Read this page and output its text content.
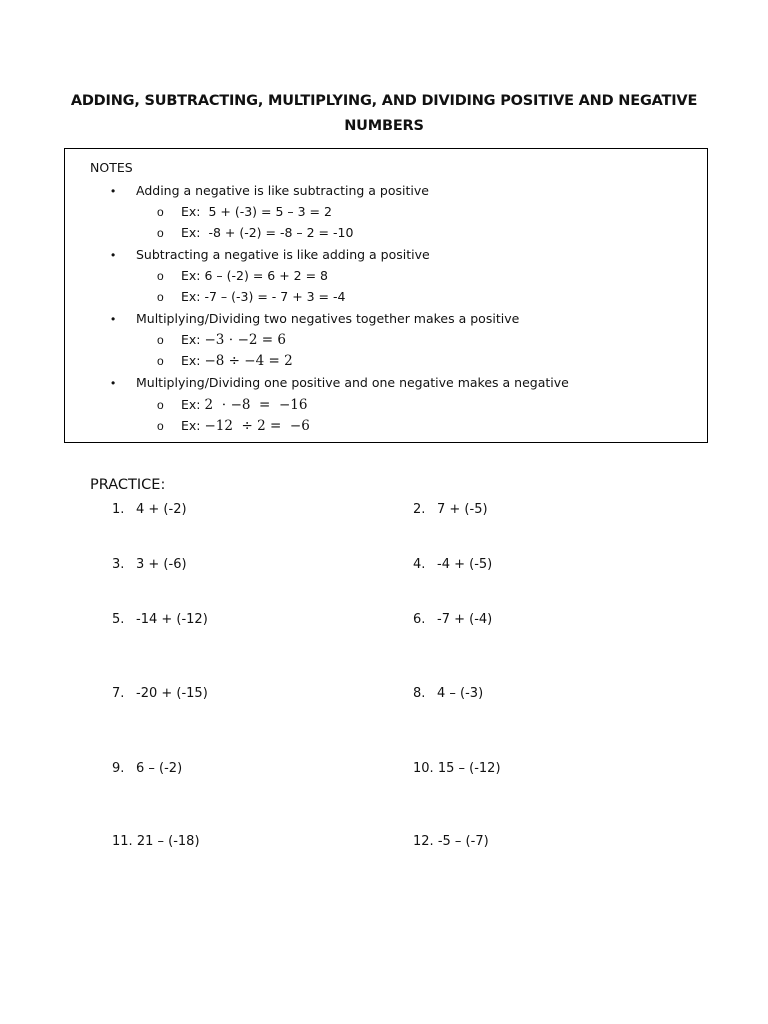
ADDING, SUBTRACTING, MULTIPLYING, AND DIVIDING POSITIVE AND NEGATIVE
NUMBERS
NOTES
• Adding a negative is like subtracting a positive
o Ex:  5 + (-3) = 5 – 3 = 2
o Ex:  -8 + (-2) = -8 – 2 = -10
• Subtracting a negative is like adding a positive
o Ex: 6 – (-2) = 6 + 2 = 8
o Ex: -7 – (-3) = - 7 + 3 = -4
• Multiplying/Dividing two negatives together makes a positive
o Ex: −3 ⋅ −2 = 6
o Ex: −8 ÷ −4 = 2
• Multiplying/Dividing one positive and one negative makes a negative
o Ex: 2  ⋅ −8  =  −16
o Ex: −12  ÷ 2 =  −6
PRACTICE:
1. 4 + (-2)
3. 3 + (-6)
5. -14 + (-12)
7. -20 + (-15)
9. 6 – (-2)
11. 21 – (-18)
2. 7 + (-5)
4. -4 + (-5)
6. -7 + (-4)
8. 4 – (-3)
10. 15 – (-12)
12. -5 – (-7)
